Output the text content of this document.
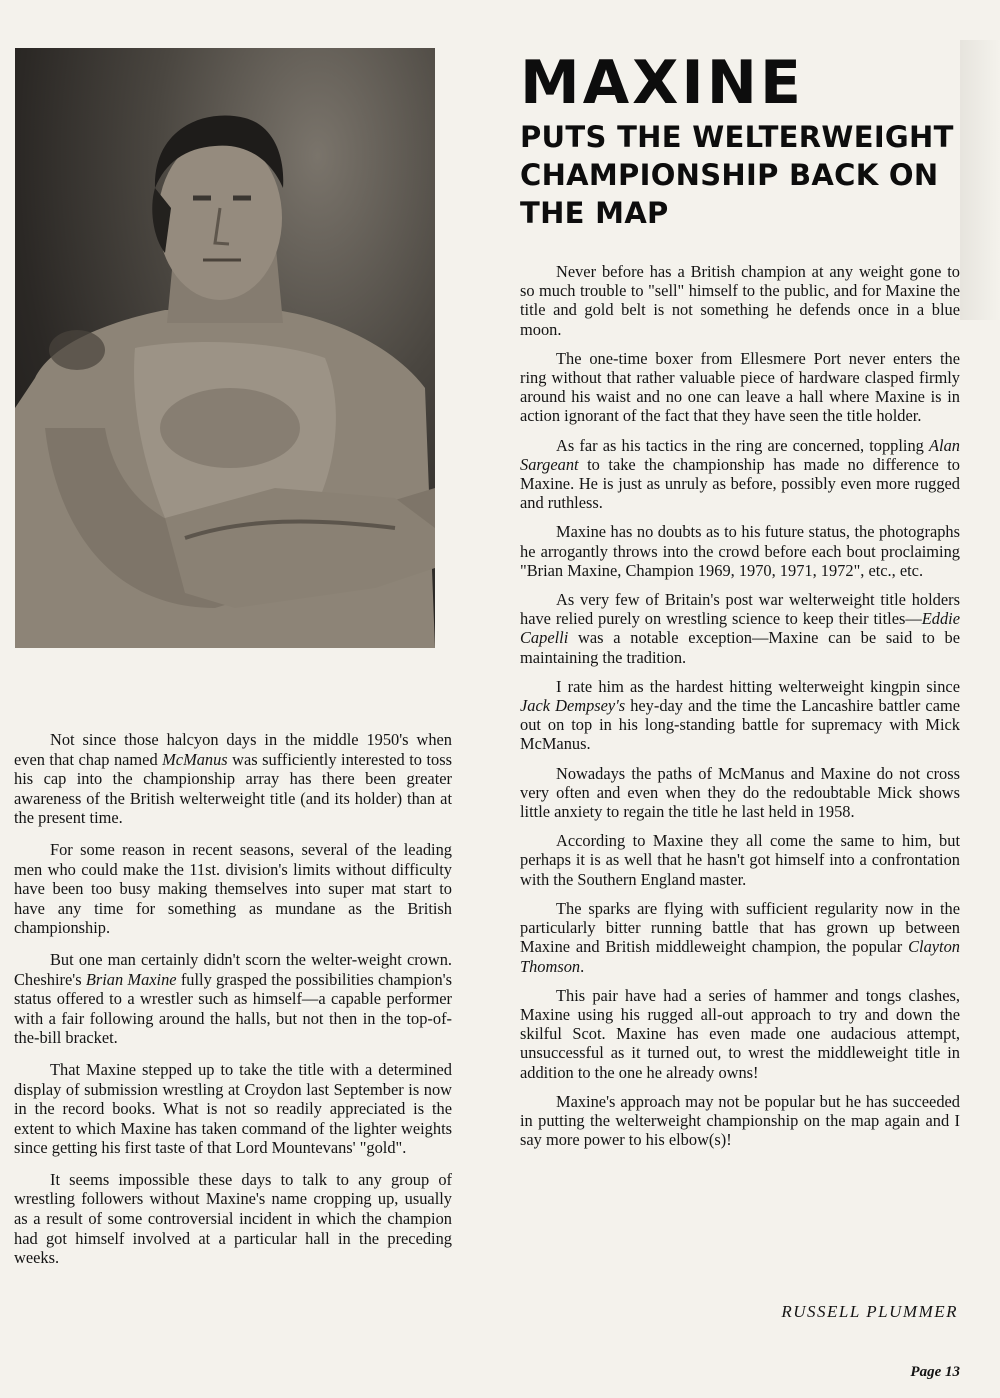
MAXINE
PUTS THE WELTERWEIGHT
CHAMPIONSHIP BACK ON
THE MAP

Not since those halcyon days in the middle 1950's when even that chap named McManus was sufficiently interested to toss his cap into the championship array has there been greater awareness of the British welterweight title (and its holder) than at the present time.

For some reason in recent seasons, several of the leading men who could make the 11st. division's limits without difficulty have been too busy making themselves into super mat start to have any time for something as mundane as the British championship.

But one man certainly didn't scorn the welter-weight crown. Cheshire's Brian Maxine fully grasped the possibilities champion's status offered to a wrestler such as himself—a capable performer with a fair following around the halls, but not then in the top-of-the-bill bracket.

That Maxine stepped up to take the title with a determined display of submission wrestling at Croydon last September is now in the record books. What is not so readily appreciated is the extent to which Maxine has taken command of the lighter weights since getting his first taste of that Lord Mountevans' "gold".

It seems impossible these days to talk to any group of wrestling followers without Maxine's name cropping up, usually as a result of some controversial incident in which the champion had got himself involved at a particular hall in the preceding weeks.

Never before has a British champion at any weight gone to so much trouble to "sell" himself to the public, and for Maxine the title and gold belt is not something he defends once in a blue moon.

The one-time boxer from Ellesmere Port never enters the ring without that rather valuable piece of hardware clasped firmly around his waist and no one can leave a hall where Maxine is in action ignorant of the fact that they have seen the title holder.

As far as his tactics in the ring are concerned, toppling Alan Sargeant to take the championship has made no difference to Maxine. He is just as unruly as before, possibly even more rugged and ruthless.

Maxine has no doubts as to his future status, the photographs he arrogantly throws into the crowd before each bout proclaiming "Brian Maxine, Champion 1969, 1970, 1971, 1972", etc., etc.

As very few of Britain's post war welterweight title holders have relied purely on wrestling science to keep their titles—Eddie Capelli was a notable exception—Maxine can be said to be maintaining the tradition.

I rate him as the hardest hitting welterweight kingpin since Jack Dempsey's hey-day and the time the Lancashire battler came out on top in his long-standing battle for supremacy with Mick McManus.

Nowadays the paths of McManus and Maxine do not cross very often and even when they do the redoubtable Mick shows little anxiety to regain the title he last held in 1958.

According to Maxine they all come the same to him, but perhaps it is as well that he hasn't got himself into a confrontation with the Southern England master.

The sparks are flying with sufficient regularity now in the particularly bitter running battle that has grown up between Maxine and British middleweight champion, the popular Clayton Thomson.

This pair have had a series of hammer and tongs clashes, Maxine using his rugged all-out approach to try and down the skilful Scot. Maxine has even made one audacious attempt, unsuccessful as it turned out, to wrest the middleweight title in addition to the one he already owns!

Maxine's approach may not be popular but he has succeeded in putting the welterweight championship on the map again and I say more power to his elbow(s)!

RUSSELL PLUMMER
Page 13
